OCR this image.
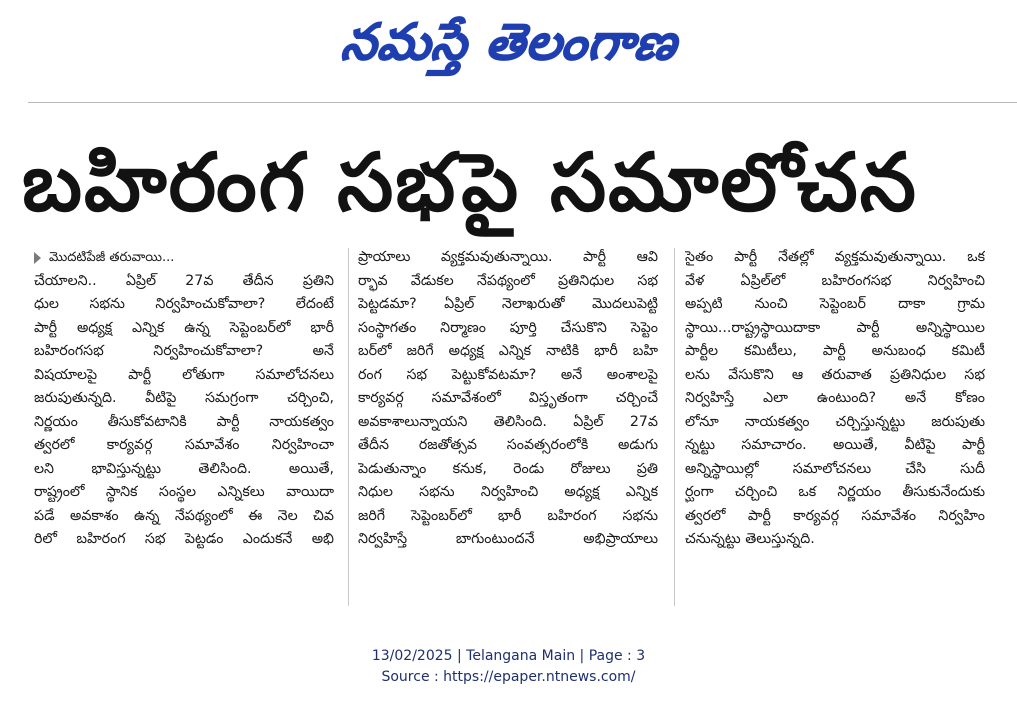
నమస్తే తెలంగాణ
బహిరంగ సభపై సమాలోచన
మొదటిపేజీ తరువాయి...
చేయాలని.. ఏప్రిల్ 27వ తేదీన ప్రతిని
ధుల సభను నిర్వహించుకోవాలా? లేదంటే
పార్టీ అధ్యక్ష ఎన్నిక ఉన్న సెప్టెంబర్‌లో భారీ
బహిరంగసభ నిర్వహించుకోవాలా? అనే
విషయాలపై పార్టీ లోతుగా సమాలోచనలు
జరుపుతున్నది. వీటిపై సమగ్రంగా చర్చించి,
నిర్ణయం తీసుకోవటానికి పార్టీ నాయకత్వం
త్వరలో కార్యవర్గ సమావేశం నిర్వహించా
లని భావిస్తున్నట్టు తెలిసింది. అయితే,
రాష్ట్రంలో స్థానిక సంస్థల ఎన్నికలు వాయిదా
పడే అవకాశం ఉన్న నేపథ్యంలో ఈ నెల చివ
రిలో బహిరంగ సభ పెట్టడం ఎందుకనే అభి
ప్రాయాలు వ్యక్తమవుతున్నాయి. పార్టీ ఆవి
ర్భావ వేడుకల నేపథ్యంలో ప్రతినిధుల సభ
పెట్టడమా? ఏప్రిల్ నెలాఖరుతో మొదలుపెట్టి
సంస్థాగతం నిర్మాణం పూర్తి చేసుకొని సెప్టెం
బర్‌లో జరిగే అధ్యక్ష ఎన్నిక నాటికి భారీ బహి
రంగ సభ పెట్టుకోవటమా? అనే అంశాలపై
కార్యవర్గ సమావేశంలో విస్తృతంగా చర్చించే
అవకాశాలున్నాయని తెలిసింది. ఏప్రిల్ 27వ
తేదీన రజతోత్సవ సంవత్సరంలోకి అడుగు
పెడుతున్నాం కనుక, రెండు రోజులు ప్రతి
నిధుల సభను నిర్వహించి అధ్యక్ష ఎన్నిక
జరిగే సెప్టెంబర్‌లో భారీ బహిరంగ సభను
నిర్వహిస్తే బాగుంటుందనే అభిప్రాయాలు
సైతం పార్టీ నేతల్లో వ్యక్తమవుతున్నాయి. ఒక
వేళ ఏప్రిల్‌లో బహిరంగసభ నిర్వహించి
అప్పటి నుంచి సెప్టెంబర్ దాకా గ్రామ
స్థాయి...రాష్ట్రస్థాయిదాకా పార్టీ అన్నిస్థాయిల
పార్టీల కమిటీలు, పార్టీ అనుబంధ కమిటీ
లను వేసుకొని ఆ తరువాత ప్రతినిధుల సభ
నిర్వహిస్తే ఎలా ఉంటుంది? అనే కోణం
లోనూ నాయకత్వం చర్చిస్తున్నట్టు జరుపుతు
న్నట్టు సమాచారం. అయితే, వీటిపై పార్టీ
అన్నిస్థాయిల్లో సమాలోచనలు చేసి సుదీ
ర్ఘంగా చర్చించి ఒక నిర్ణయం తీసుకునేందుకు
త్వరలో పార్టీ కార్యవర్గ సమావేశం నిర్వహిం
చనున్నట్టు తెలుస్తున్నది.
13/02/2025 | Telangana Main | Page : 3
Source : https://epaper.ntnews.com/
